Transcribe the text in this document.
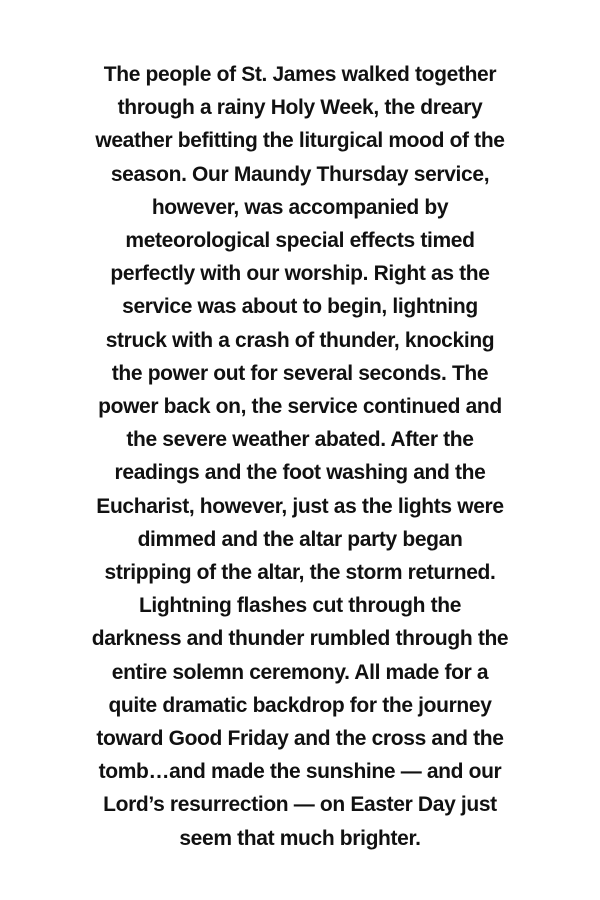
The people of St. James walked together
through a rainy Holy Week, the dreary
weather befitting the liturgical mood of the
season. Our Maundy Thursday service,
however, was accompanied by
meteorological special effects timed
perfectly with our worship. Right as the
service was about to begin, lightning
struck with a crash of thunder, knocking
the power out for several seconds. The
power back on, the service continued and
the severe weather abated. After the
readings and the foot washing and the
Eucharist, however, just as the lights were
dimmed and the altar party began
stripping of the altar, the storm returned.
Lightning flashes cut through the
darkness and thunder rumbled through the
entire solemn ceremony. All made for a
quite dramatic backdrop for the journey
toward Good Friday and the cross and the
tomb…and made the sunshine — and our
Lord’s resurrection — on Easter Day just
seem that much brighter.
